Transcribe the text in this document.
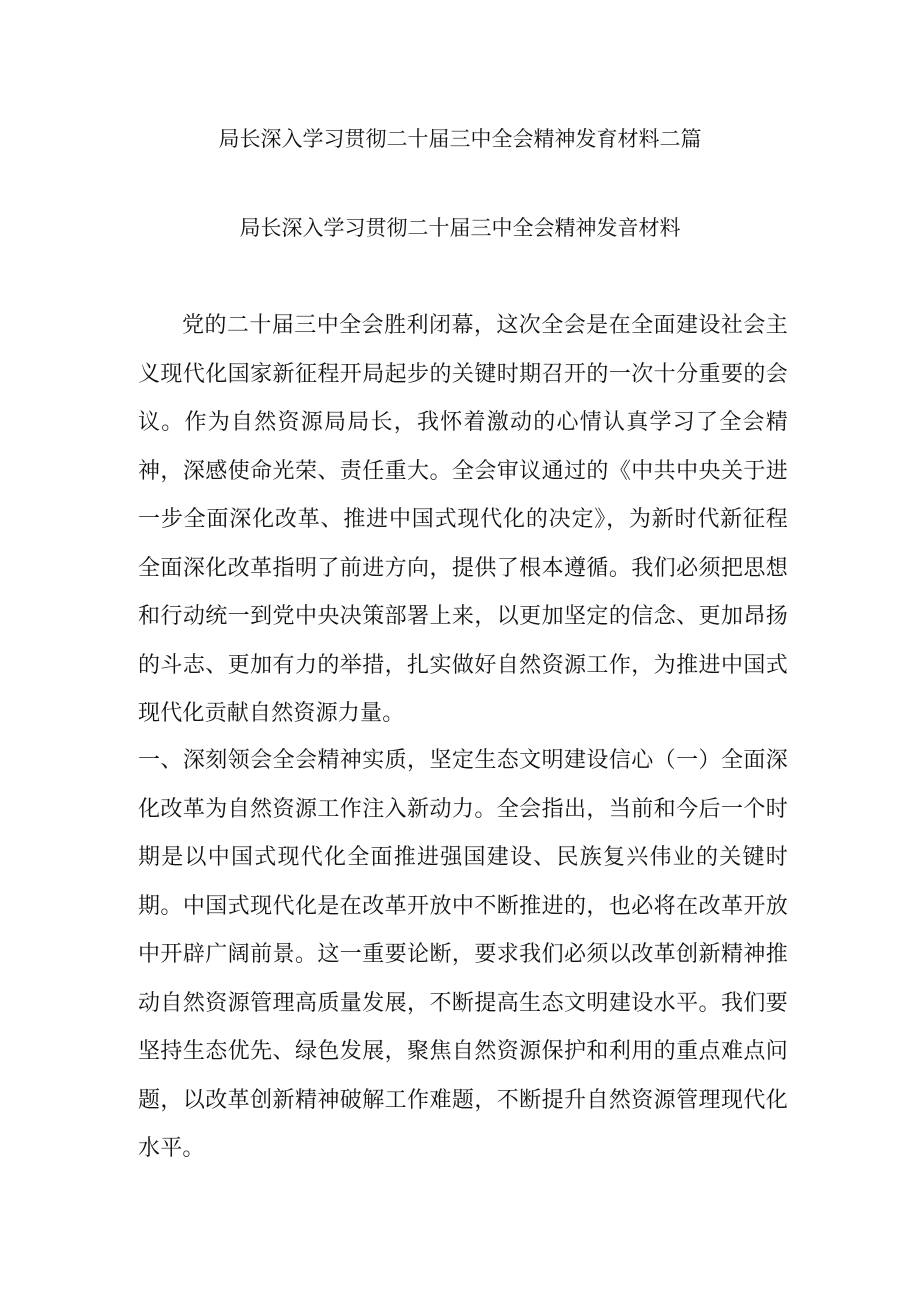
局长深入学习贯彻二十届三中全会精神发育材料二篇
局长深入学习贯彻二十届三中全会精神发音材料

党的二十届三中全会胜利闭幕，这次全会是在全面建设社会主义现代化国家新征程开局起步的关键时期召开的一次十分重要的会议。作为自然资源局局长，我怀着激动的心情认真学习了全会精神，深感使命光荣、责任重大。全会审议通过的《中共中央关于进一步全面深化改革、推进中国式现代化的决定》，为新时代新征程全面深化改革指明了前进方向，提供了根本遵循。我们必须把思想和行动统一到党中央决策部署上来，以更加坚定的信念、更加昂扬的斗志、更加有力的举措，扎实做好自然资源工作，为推进中国式现代化贡献自然资源力量。

一、深刻领会全会精神实质，坚定生态文明建设信心（一）全面深化改革为自然资源工作注入新动力。全会指出，当前和今后一个时期是以中国式现代化全面推进强国建设、民族复兴伟业的关键时期。中国式现代化是在改革开放中不断推进的，也必将在改革开放中开辟广阔前景。这一重要论断，要求我们必须以改革创新精神推动自然资源管理高质量发展，不断提高生态文明建设水平。我们要坚持生态优先、绿色发展，聚焦自然资源保护和利用的重点难点问题，以改革创新精神破解工作难题，不断提升自然资源管理现代化水平。
